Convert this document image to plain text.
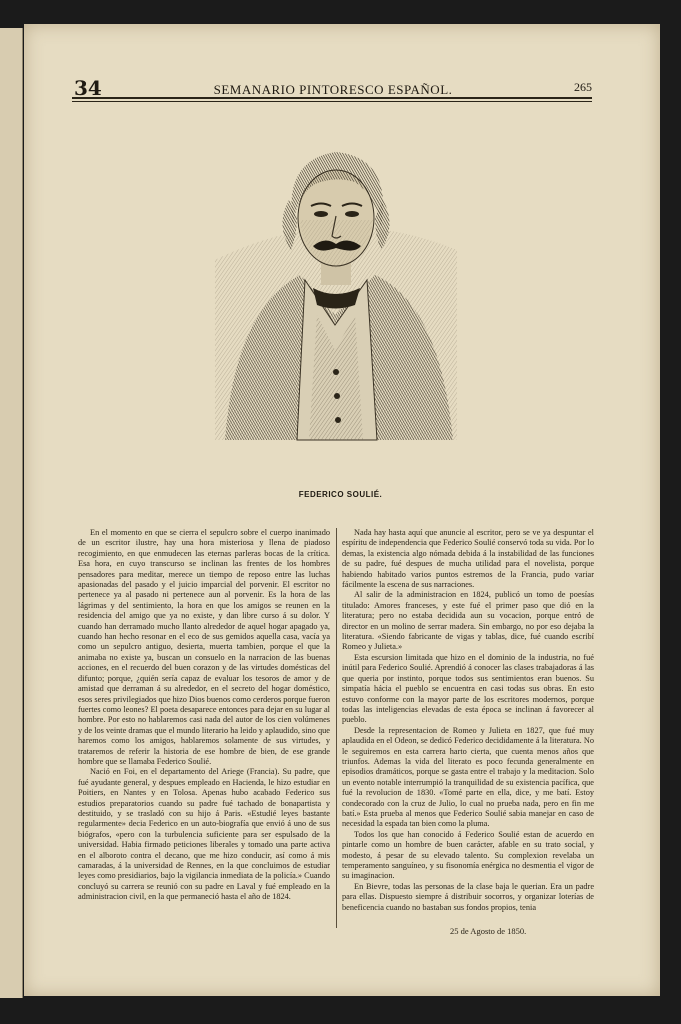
34	SEMANARIO PINTORESCO ESPAÑOL.	265
FEDERICO SOULIÉ.

En el momento en que se cierra el sepulcro sobre el cuerpo inanimado de un escritor ilustre, hay una hora misteriosa y llena de piadoso recogimiento, en que enmudecen las eternas parleras bocas de la crítica. Esa hora, en cuyo transcurso se inclinan las frentes de los hombres pensadores para meditar, merece un tiempo de reposo entre las luchas apasionadas del pasado y el juicio imparcial del porvenir. El escritor no pertenece ya al pasado ni pertenece aun al porvenir. Es la hora de las lágrimas y del sentimiento, la hora en que los amigos se reunen en la residencia del amigo que ya no existe, y dan libre curso á su dolor. Y cuando han derramado mucho llanto alrededor de aquel hogar apagado ya, cuando han hecho resonar en el eco de sus gemidos aquella casa, vacía ya como un sepulcro antiguo, desierta, muerta tambien, porque el que la animaba no existe ya, buscan un consuelo en la narracion de las buenas acciones, en el recuerdo del buen corazon y de las virtudes domésticas del difunto; porque, ¿quién sería capaz de evaluar los tesoros de amor y de amistad que derraman á su alrededor, en el secreto del hogar doméstico, esos seres privilegiados que hizo Dios buenos como cerderos porque fueron fuertes como leones? El poeta desaparece entonces para dejar en su lugar al hombre. Por esto no hablaremos casi nada del autor de los cien volúmenes y de los veinte dramas que el mundo literario ha leido y aplaudido, sino que haremos como los amigos, hablaremos solamente de sus virtudes, y trataremos de referir la historia de ese hombre de bien, de ese grande hombre que se llamaba Federico Soulié.

Nació en Foi, en el departamento del Ariege (Francia). Su padre, que fué ayudante general, y despues empleado en Hacienda, le hizo estudiar en Poitiers, en Nantes y en Tolosa. Apenas hubo acabado Federico sus estudios preparatorios cuando su padre fué tachado de bonapartista y destituido, y se trasladó con su hijo á Paris. «Estudié leyes bastante regularmente» decia Federico en un auto-biografía que envió á uno de sus biógrafos, «pero con la turbulencia suficiente para ser espulsado de la universidad. Habia firmado peticiones liberales y tomado una parte activa en el alboroto contra el decano, que me hizo conducir, así como á mis camaradas, á la universidad de Rennes, en la que concluimos de estudiar leyes como presidiarios, bajo la vigilancia inmediata de la policía.» Cuando concluyó su carrera se reunió con su padre en Laval y fué empleado en la administracion civil, en la que permaneció hasta el año de 1824.

Nada hay hasta aquí que anuncie al escritor, pero se ve ya despuntar el espíritu de independencia que Federico Soulié conservó toda su vida. Por lo demas, la existencia algo nómada debida á la instabilidad de las funciones de su padre, fué despues de mucha utilidad para el novelista, porque habiendo habitado varios puntos estremos de la Francia, pudo variar fácilmente la escena de sus narraciones.

Al salir de la administracion en 1824, publicó un tomo de poesías titulado: Amores franceses, y este fué el primer paso que dió en la literatura; pero no estaba decidida aun su vocacion, porque entró de director en un molino de serrar madera. Sin embargo, no por eso dejaba la literatura. «Siendo fabricante de vigas y tablas, dice, fué cuando escribí Romeo y Julieta.»

Esta escursion limitada que hizo en el dominio de la industria, no fué inútil para Federico Soulié. Aprendió á conocer las clases trabajadoras á las que queria por instinto, porque todos sus sentimientos eran buenos. Su simpatía hácia el pueblo se encuentra en casi todas sus obras. En esto estuvo conforme con la mayor parte de los escritores modernos, porque todas las inteligencias elevadas de esta época se inclinan á favorecer al pueblo.

Desde la representacion de Romeo y Julieta en 1827, que fué muy aplaudida en el Odeon, se dedicó Federico decididamente á la literatura. No le seguiremos en esta carrera harto cierta, que cuenta menos años que triunfos. Ademas la vida del literato es poco fecunda generalmente en episodios dramáticos, porque se gasta entre el trabajo y la meditacion. Solo un evento notable interrumpió la tranquilidad de su existencia pacífica, que fué la revolucion de 1830. «Tomé parte en ella, dice, y me batí. Estoy condecorado con la cruz de Julio, lo cual no prueba nada, pero en fin me batí.» Esta prueba al menos que Federico Soulié sabia manejar en caso de necesidad la espada tan bien como la pluma.

Todos los que han conocido á Federico Soulié estan de acuerdo en pintarle como un hombre de buen carácter, afable en su trato social, y modesto, á pesar de su elevado talento. Su complexion revelaba un temperamento sanguíneo, y su fisonomía enérgica no desmentia el vigor de su imaginacion.

En Bievre, todas las personas de la clase baja le querian. Era un padre para ellas. Dispuesto siempre á distribuir socorros, y organizar loterías de beneficencia cuando no bastaban sus fondos propios, tenia

25 de Agosto de 1850.
